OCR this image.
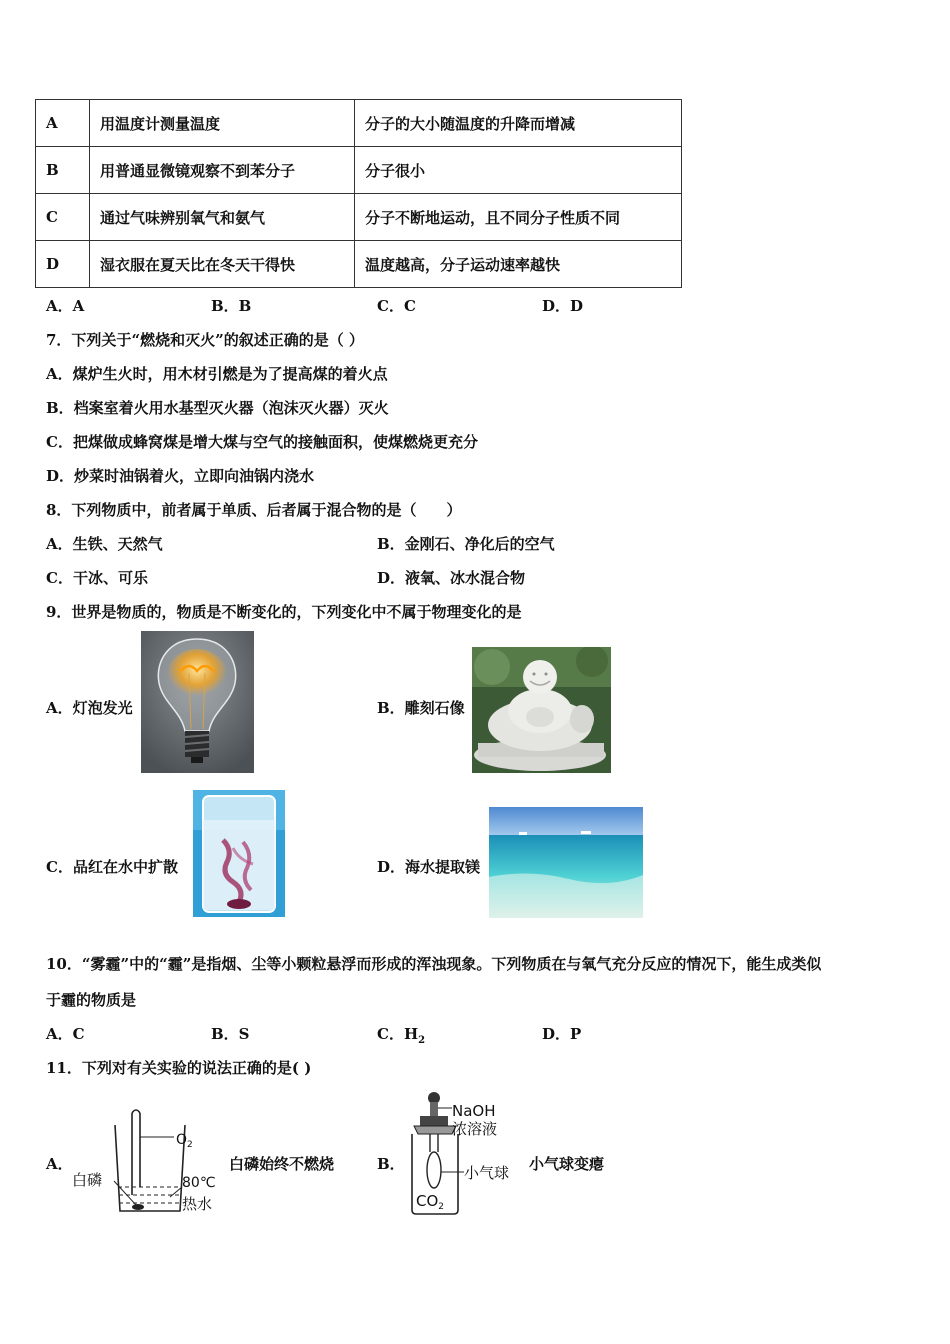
A	用温度计测量温度	分子的大小随温度的升降而增减
B	用普通显微镜观察不到苯分子	分子很小
C	通过气味辨别氧气和氨气	分子不断地运动，且不同分子性质不同
D	湿衣服在夏天比在冬天干得快	温度越高，分子运动速率越快
A．A	B．B	C．C	D．D
7．下列关于“燃烧和灭火”的叙述正确的是（ ）
A．煤炉生火时，用木材引燃是为了提高煤的着火点
B．档案室着火用水基型灭火器（泡沫灭火器）灭火
C．把煤做成蜂窝煤是增大煤与空气的接触面积，使煤燃烧更充分
D．炒菜时油锅着火，立即向油锅内浇水
8．下列物质中，前者属于单质、后者属于混合物的是（　　）
A．生铁、天然气	B．金刚石、净化后的空气
C．干冰、可乐	D．液氧、冰水混合物
9．世界是物质的，物质是不断变化的，下列变化中不属于物理变化的是
A．灯泡发光	B．雕刻石像
C．品红在水中扩散	D．海水提取镁
10．“雾霾”中的“霾”是指烟、尘等小颗粒悬浮而形成的浑浊现象。下列物质在与氧气充分反应的情况下，能生成类似
于霾的物质是
A．C	B．S	C．$H_2$	D．P
11．下列对有关实验的说法正确的是( )
A．
$O_2$
白磷	80℃
热水
白磷始终不燃烧	B．
NaOH
浓溶液
小气球
$CO_2$
小气球变瘪
